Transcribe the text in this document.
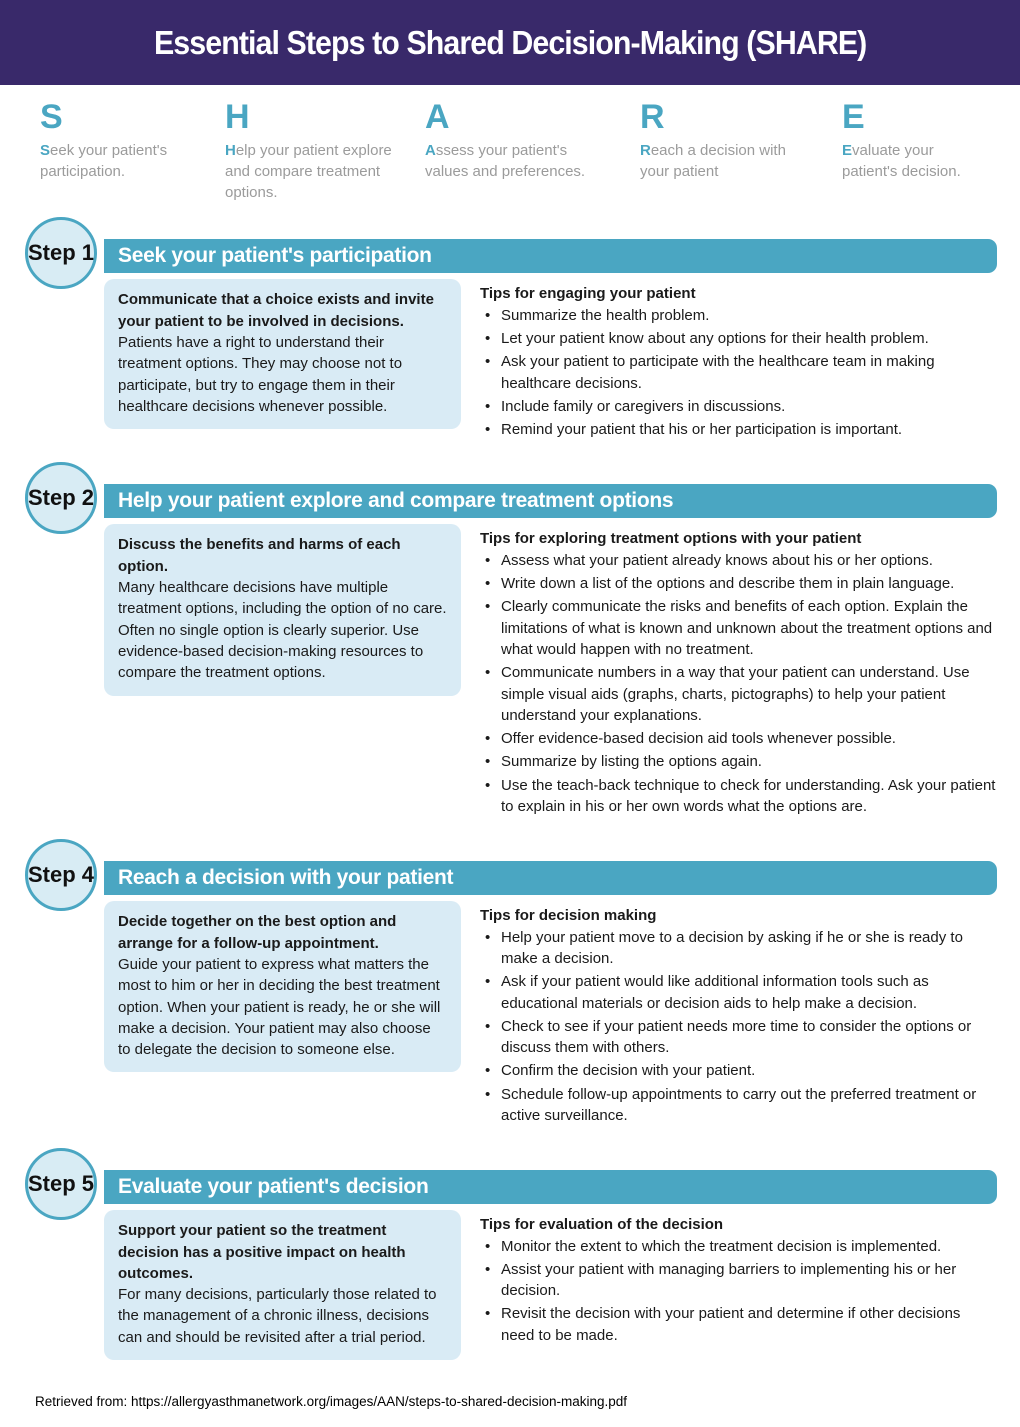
Essential Steps to Shared Decision-Making (SHARE)
S
Seek your patient's participation.
H
Help your patient explore and compare treatment options.
A
Assess your patient's values and preferences.
R
Reach a decision with your patient
E
Evaluate your patient's decision.
Seek your patient's participation
Step 1
Communicate that a choice exists and invite your patient to be involved in decisions.
Patients have a right to understand their treatment options. They may choose not to participate, but try to engage them in their healthcare decisions whenever possible.
Tips for engaging your patient
• Summarize the health problem.
• Let your patient know about any options for their health problem.
• Ask your patient to participate with the healthcare team in making healthcare decisions.
• Include family or caregivers in discussions.
• Remind your patient that his or her participation is important.
Help your patient explore and compare treatment options
Step 2
Discuss the benefits and harms of each option.
Many healthcare decisions have multiple treatment options, including the option of no care. Often no single option is clearly superior. Use evidence-based decision-making resources to compare the treatment options.
Tips for exploring treatment options with your patient
• Assess what your patient already knows about his or her options.
• Write down a list of the options and describe them in plain language.
• Clearly communicate the risks and benefits of each option. Explain the limitations of what is known and unknown about the treatment options and what would happen with no treatment.
• Communicate numbers in a way that your patient can understand. Use simple visual aids (graphs, charts, pictographs) to help your patient understand your explanations.
• Offer evidence-based decision aid tools whenever possible.
• Summarize by listing the options again.
• Use the teach-back technique to check for understanding. Ask your patient to explain in his or her own words what the options are.
Reach a decision with your patient
Step 4
Decide together on the best option and arrange for a follow-up appointment.
Guide your patient to express what matters the most to him or her in deciding the best treatment option. When your patient is ready, he or she will make a decision. Your patient may also choose to delegate the decision to someone else.
Tips for decision making
• Help your patient move to a decision by asking if he or she is ready to make a decision.
• Ask if your patient would like additional information tools such as educational materials or decision aids to help make a decision.
• Check to see if your patient needs more time to consider the options or discuss them with others.
• Confirm the decision with your patient.
• Schedule follow-up appointments to carry out the preferred treatment or active surveillance.
Evaluate your patient's decision
Step 5
Support your patient so the treatment decision has a positive impact on health outcomes.
For many decisions, particularly those related to the management of a chronic illness, decisions can and should be revisited after a trial period.
Tips for evaluation of the decision
• Monitor the extent to which the treatment decision is implemented.
• Assist your patient with managing barriers to implementing his or her decision.
• Revisit the decision with your patient and determine if other decisions need to be made.
Retrieved from: https://allergyasthmanetwork.org/images/AAN/steps-to-shared-decision-making.pdf
